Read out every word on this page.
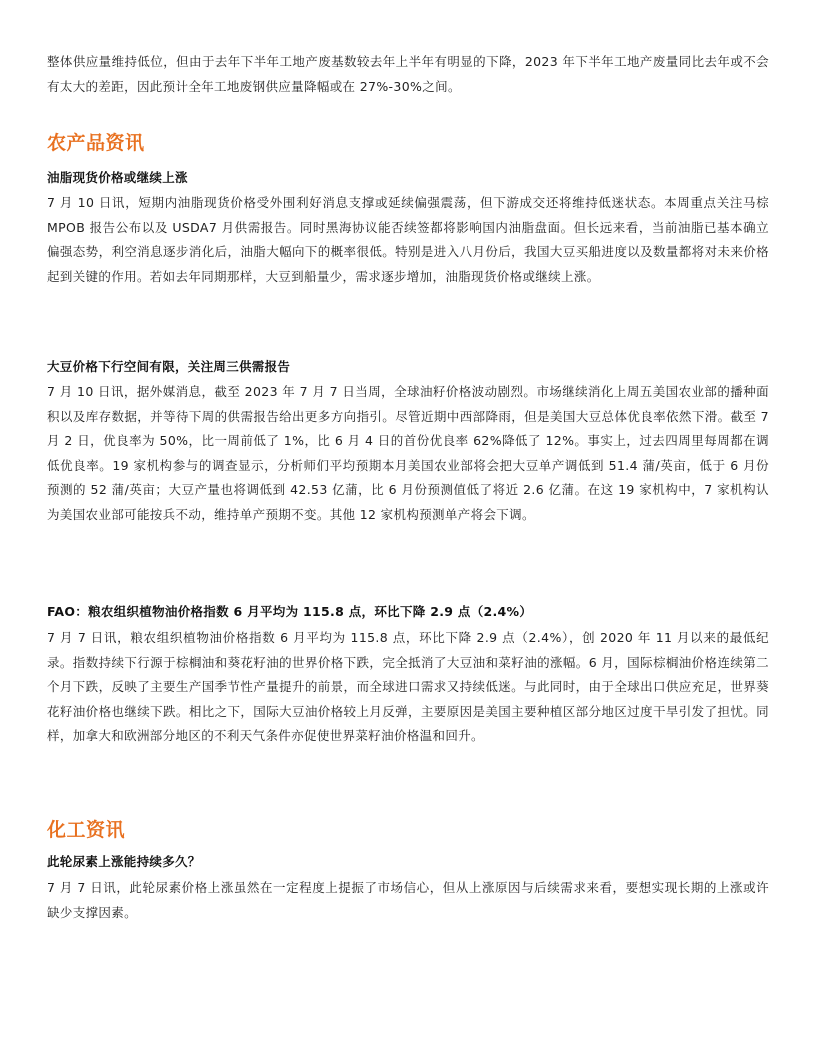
整体供应量维持低位，但由于去年下半年工地产废基数较去年上半年有明显的下降，2023 年下半年工地产废量同比去年或不会有太大的差距，因此预计全年工地废钢供应量降幅或在 27%-30%之间。

农产品资讯
油脂现货价格或继续上涨

7 月 10 日讯，短期内油脂现货价格受外围利好消息支撑或延续偏强震荡，但下游成交还将维持低迷状态。本周重点关注马棕 MPOB 报告公布以及 USDA7 月供需报告。同时黑海协议能否续签都将影响国内油脂盘面。但长远来看，当前油脂已基本确立偏强态势，利空消息逐步消化后，油脂大幅向下的概率很低。特别是进入八月份后，我国大豆买船进度以及数量都将对未来价格起到关键的作用。若如去年同期那样，大豆到船量少，需求逐步增加，油脂现货价格或继续上涨。

大豆价格下行空间有限，关注周三供需报告

7 月 10 日讯，据外媒消息，截至 2023 年 7 月 7 日当周，全球油籽价格波动剧烈。市场继续消化上周五美国农业部的播种面积以及库存数据，并等待下周的供需报告给出更多方向指引。尽管近期中西部降雨，但是美国大豆总体优良率依然下滑。截至 7 月 2 日，优良率为 50%，比一周前低了 1%，比 6 月 4 日的首份优良率 62%降低了 12%。事实上，过去四周里每周都在调低优良率。19 家机构参与的调查显示，分析师们平均预期本月美国农业部将会把大豆单产调低到 51.4 蒲/英亩，低于 6 月份预测的 52 蒲/英亩；大豆产量也将调低到 42.53 亿蒲，比 6 月份预测值低了将近 2.6 亿蒲。在这 19 家机构中，7 家机构认为美国农业部可能按兵不动，维持单产预期不变。其他 12 家机构预测单产将会下调。

FAO：粮农组织植物油价格指数 6 月平均为 115.8 点，环比下降 2.9 点（2.4%）

7 月 7 日讯，粮农组织植物油价格指数 6 月平均为 115.8 点，环比下降 2.9 点（2.4%），创 2020 年 11 月以来的最低纪录。指数持续下行源于棕榈油和葵花籽油的世界价格下跌，完全抵消了大豆油和菜籽油的涨幅。6 月，国际棕榈油价格连续第二个月下跌，反映了主要生产国季节性产量提升的前景，而全球进口需求又持续低迷。与此同时，由于全球出口供应充足，世界葵花籽油价格也继续下跌。相比之下，国际大豆油价格较上月反弹，主要原因是美国主要种植区部分地区过度干旱引发了担忧。同样，加拿大和欧洲部分地区的不利天气条件亦促使世界菜籽油价格温和回升。

化工资讯
此轮尿素上涨能持续多久？

7 月 7 日讯，此轮尿素价格上涨虽然在一定程度上提振了市场信心，但从上涨原因与后续需求来看，要想实现长期的上涨或许缺少支撑因素。
